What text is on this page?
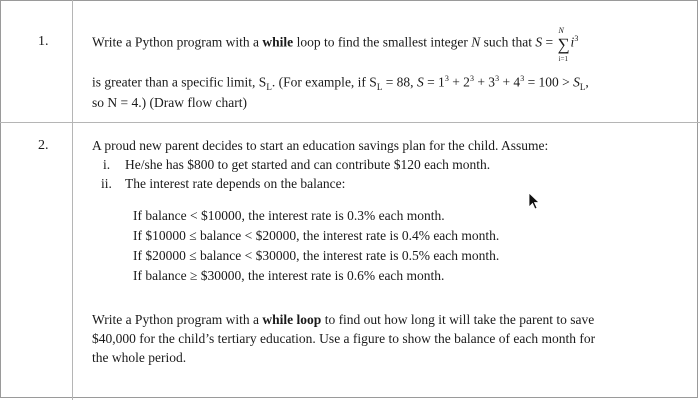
1.	Write a Python program with a while loop to find the smallest integer N such that S =
N
∑
i=1
$i^3$
is greater than a specific limit, $S_L$. (For example, if $S_L = 88$, $S = 1^3 + 2^3 + 3^3 + 4^3 = 100 > S_L$,
so N = 4.) (Draw flow chart)
2.	A proud new parent decides to start an education savings plan for the child. Assume:
i. He/she has $800 to get started and can contribute $120 each month.
ii. The interest rate depends on the balance:
If balance < $10000, the interest rate is 0.3% each month.
If $10000 ≤ balance < $20000, the interest rate is 0.4% each month.
If $20000 ≤ balance < $30000, the interest rate is 0.5% each month.
If balance ≥ $30000, the interest rate is 0.6% each month.
Write a Python program with a while loop to find out how long it will take the parent to save
$40,000 for the child’s tertiary education. Use a figure to show the balance of each month for
the whole period.
